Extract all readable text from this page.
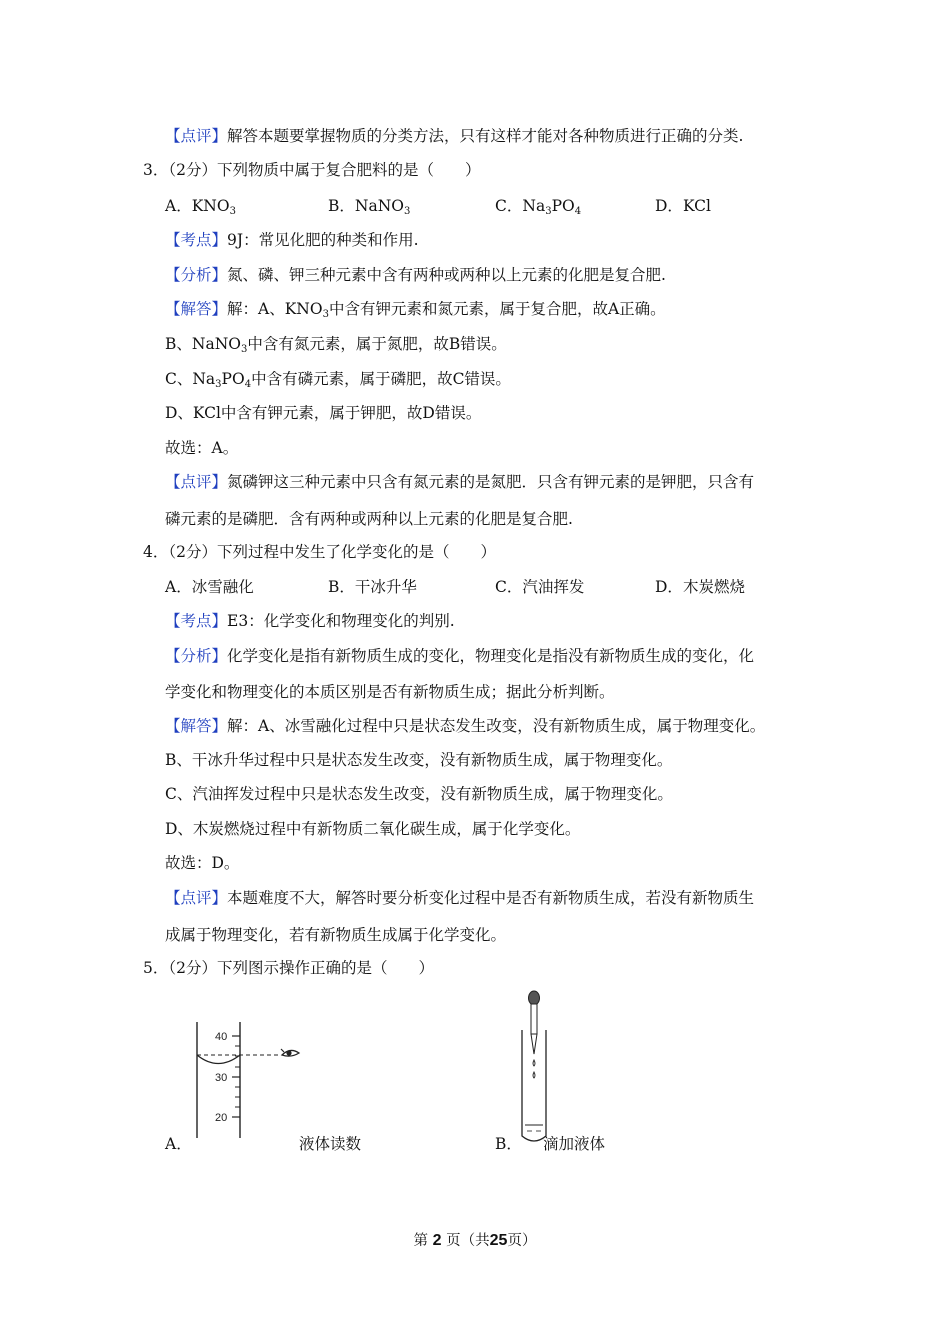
【点评】解答本题要掌握物质的分类方法，只有这样才能对各种物质进行正确的分类.
3．（2分）下列物质中属于复合肥料的是（　　）
A．$KNO_3$	B．NaNO$_3$	C．$Na_3PO_4$	D．KCl
【考点】9J：常见化肥的种类和作用.
【分析】氮、磷、钾三种元素中含有两种或两种以上元素的化肥是复合肥.
【解答】解：A、$KNO_3$中含有钾元素和氮元素，属于复合肥，故A正确。
B、NaNO$_3$中含有氮元素，属于氮肥，故B错误。
C、$Na_3PO_4$中含有磷元素，属于磷肥，故C错误。
D、KCl中含有钾元素，属于钾肥，故D错误。
故选：A。
【点评】氮磷钾这三种元素中只含有氮元素的是氮肥．只含有钾元素的是钾肥，只含有
磷元素的是磷肥．含有两种或两种以上元素的化肥是复合肥.
4．（2分）下列过程中发生了化学变化的是（　　）
A．冰雪融化	B．干冰升华	C．汽油挥发	D．木炭燃烧
【考点】E3：化学变化和物理变化的判别.
【分析】化学变化是指有新物质生成的变化，物理变化是指没有新物质生成的变化，化
学变化和物理变化的本质区别是否有新物质生成；据此分析判断。
【解答】解：A、冰雪融化过程中只是状态发生改变，没有新物质生成，属于物理变化。
B、干冰升华过程中只是状态发生改变，没有新物质生成，属于物理变化。
C、汽油挥发过程中只是状态发生改变，没有新物质生成，属于物理变化。
D、木炭燃烧过程中有新物质二氧化碳生成，属于化学变化。
故选：D。
【点评】本题难度不大，解答时要分析变化过程中是否有新物质生成，若没有新物质生
成属于物理变化，若有新物质生成属于化学变化。
5．（2分）下列图示操作正确的是（　　）
40
30
20
A．	液体读数	B． 滴加液体
第 2 页（共25页）
